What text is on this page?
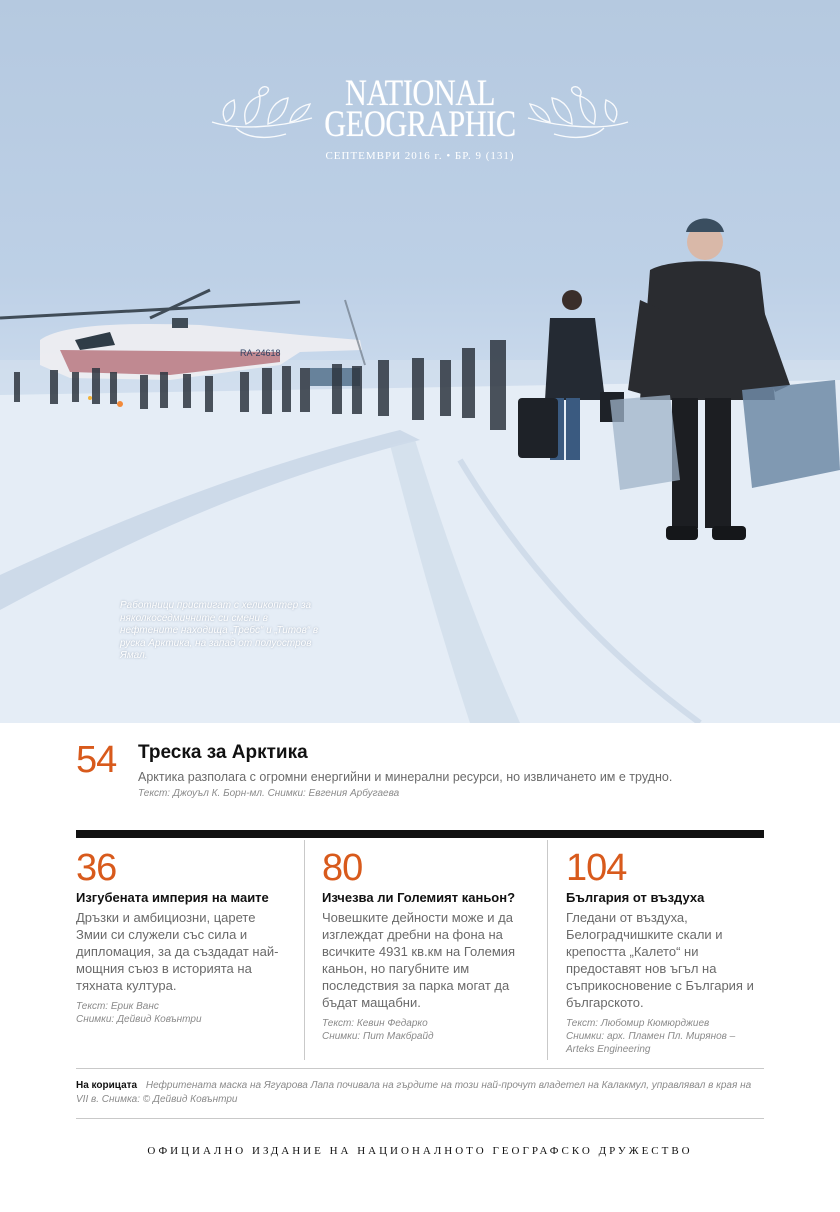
RA-24618
NATIONAL
GEOGRAPHIC
СЕПТЕМВРИ 2016 г. • БР. 9 (131)
Работници пристигат с хеликоптер за няколкоседмичните си смени в нефтените находища „Требс“ и „Титов“ в руска Арктика, на запад от полуостров Ямал.
54 Треска за Арктика
Арктика разполага с огромни енергийни и минерални ресурси, но извличането им е трудно.
Текст: Джоуъл К. Борн-мл. Снимки: Евгения Арбугаева
36
Изгубената империя на маите
Дръзки и амбициозни, царете Змии си служели със сила и дипломация, за да създадат най-мощния съюз в историята на тяхната култура.
Текст: Ерик Ванс
Снимки: Дейвид Ковънтри
80
Изчезва ли Големият каньон?
Човешките дейности може и да изглеждат дребни на фона на всичките 4931 кв.км на Големия каньон, но пагубните им последствия за парка могат да бъдат мащабни.
Текст: Кевин Федарко
Снимки: Пит Макбрайд
104
България от въздуха
Гледани от въздуха, Белоградчишките скали и крепостта „Калето“ ни предоставят нов ъгъл на съприкосновение с България и българското.
Текст: Любомир Кюмюрджиев
Снимки: арх. Пламен Пл. Мирянов – Arteks Engineering
На корицата Нефритената маска на Ягуарова Лапа почивала на гърдите на този най-прочут владетел на Калакмул, управлявал в края на VII в. Снимка: © Дейвид Ковънтри
ОФИЦИАЛНО ИЗДАНИЕ НА НАЦИОНАЛНОТО ГЕОГРАФСКО ДРУЖЕСТВО
